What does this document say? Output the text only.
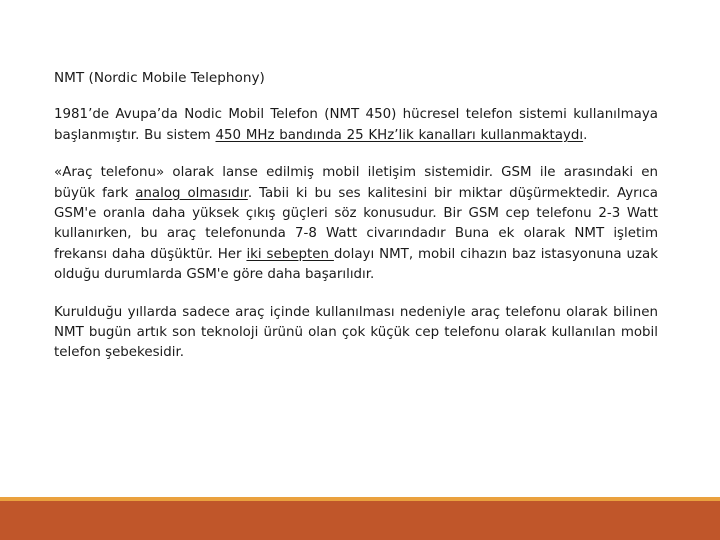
NMT (Nordic Mobile Telephony)

1981’de Avupa’da Nodic Mobil Telefon (NMT 450) hücresel telefon sistemi kullanılmaya başlanmıştır. Bu sistem 450 MHz bandında 25 KHz’lik kanalları kullanmaktaydı.

«Araç telefonu» olarak lanse edilmiş mobil iletişim sistemidir. GSM ile arasındaki en büyük fark analog olmasıdır. Tabii ki bu ses kalitesini bir miktar düşürmektedir. Ayrıca GSM'e oranla daha yüksek çıkış güçleri söz konusudur. Bir GSM cep telefonu 2-3 Watt kullanırken, bu araç telefonunda 7-8 Watt civarındadır Buna ek olarak NMT işletim frekansı daha düşüktür. Her iki sebepten dolayı NMT, mobil cihazın baz istasyonuna uzak olduğu durumlarda GSM'e göre daha başarılıdır.

Kurulduğu yıllarda sadece araç içinde kullanılması nedeniyle araç telefonu olarak bilinen NMT bugün artık son teknoloji ürünü olan çok küçük cep telefonu olarak kullanılan mobil telefon şebekesidir.
